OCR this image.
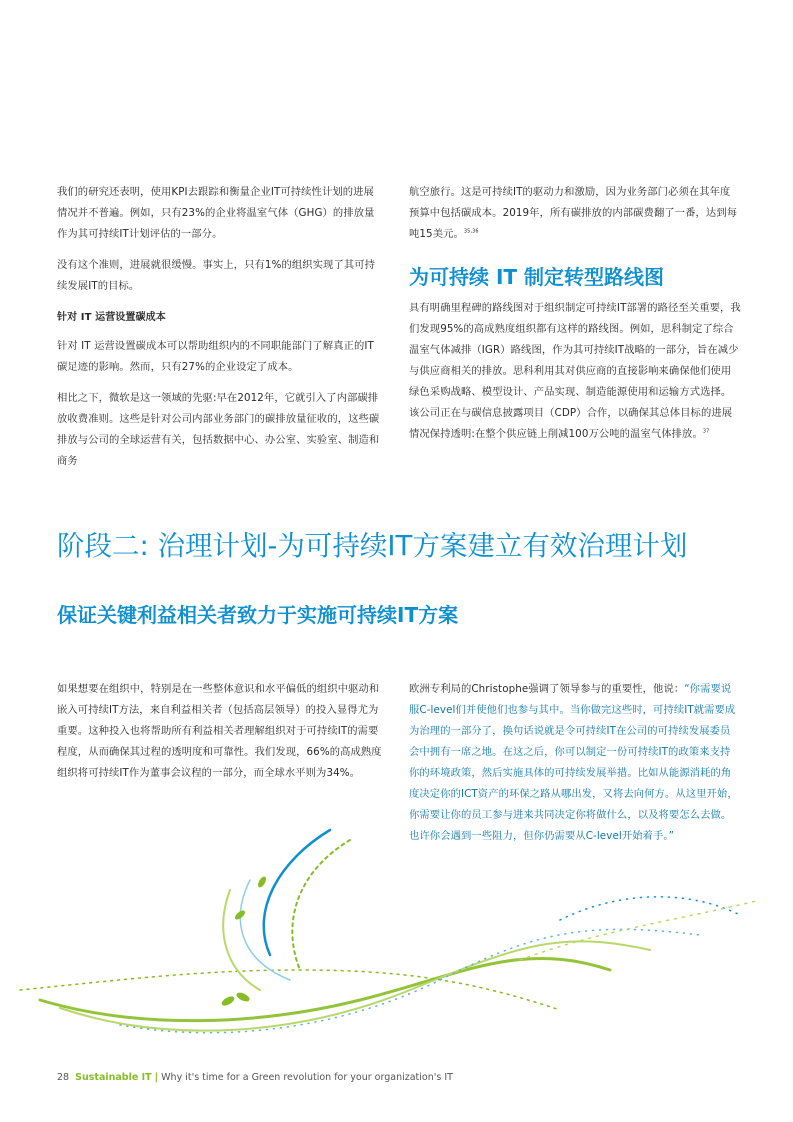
我们的研究还表明，使用KPI去跟踪和衡量企业IT可持续性计划的进展情况并不普遍。例如，只有23%的企业将温室气体（GHG）的排放量作为其可持续IT计划评估的一部分。

没有这个准则，进展就很缓慢。事实上，只有1%的组织实现了其可持续发展IT的目标。

针对 IT 运营设置碳成本

针对 IT 运营设置碳成本可以帮助组织内的不同职能部门了解真正的IT碳足迹的影响。然而，只有27%的企业设定了成本。

相比之下，微软是这一领域的先驱:早在2012年，它就引入了内部碳排放收费准则。这些是针对公司内部业务部门的碳排放量征收的，这些碳排放与公司的全球运营有关，包括数据中心、办公室、实验室、制造和商务

航空旅行。这是可持续IT的驱动力和激励，因为业务部门必须在其年度预算中包括碳成本。2019年，所有碳排放的内部碳费翻了一番，达到每吨15美元。$^{35,36}$

为可持续 IT 制定转型路线图

具有明确里程碑的路线图对于组织制定可持续IT部署的路径至关重要，我们发现95%的高成熟度组织都有这样的路线图。例如，思科制定了综合温室气体减排（IGR）路线图，作为其可持续IT战略的一部分，旨在减少与供应商相关的排放。思科利用其对供应商的直接影响来确保他们使用绿色采购战略、模型设计、产品实现、制造能源使用和运输方式选择。该公司正在与碳信息披露项目（CDP）合作，以确保其总体目标的进展情况保持透明:在整个供应链上削减100万公吨的温室气体排放。$^{37}$

阶段二: 治理计划-为可持续IT方案建立有效治理计划
保证关键利益相关者致力于实施可持续IT方案

如果想要在组织中，特别是在一些整体意识和水平偏低的组织中驱动和嵌入可持续IT方法，来自利益相关者（包括高层领导）的投入显得尤为重要。这种投入也将帮助所有利益相关者理解组织对于可持续IT的需要程度，从而确保其过程的透明度和可靠性。我们发现，66%的高成熟度组织将可持续IT作为董事会议程的一部分，而全球水平则为34%。

欧洲专利局的Christophe强调了领导参与的重要性，他说：“你需要说服C-level们并使他们也参与其中。当你做完这些时，可持续IT就需要成为治理的一部分了，换句话说就是令可持续IT在公司的可持续发展委员会中拥有一席之地。在这之后，你可以制定一份可持续IT的政策来支持你的环境政策，然后实施具体的可持续发展举措。比如从能源消耗的角度决定你的ICT资产的环保之路从哪出发，又将去向何方。从这里开始，你需要让你的员工参与进来共同决定你将做什么，以及将要怎么去做。也许你会遇到一些阻力，但你仍需要从C-level开始着手。”

28 Sustainable IT | Why it's time for a Green revolution for your organization's IT
